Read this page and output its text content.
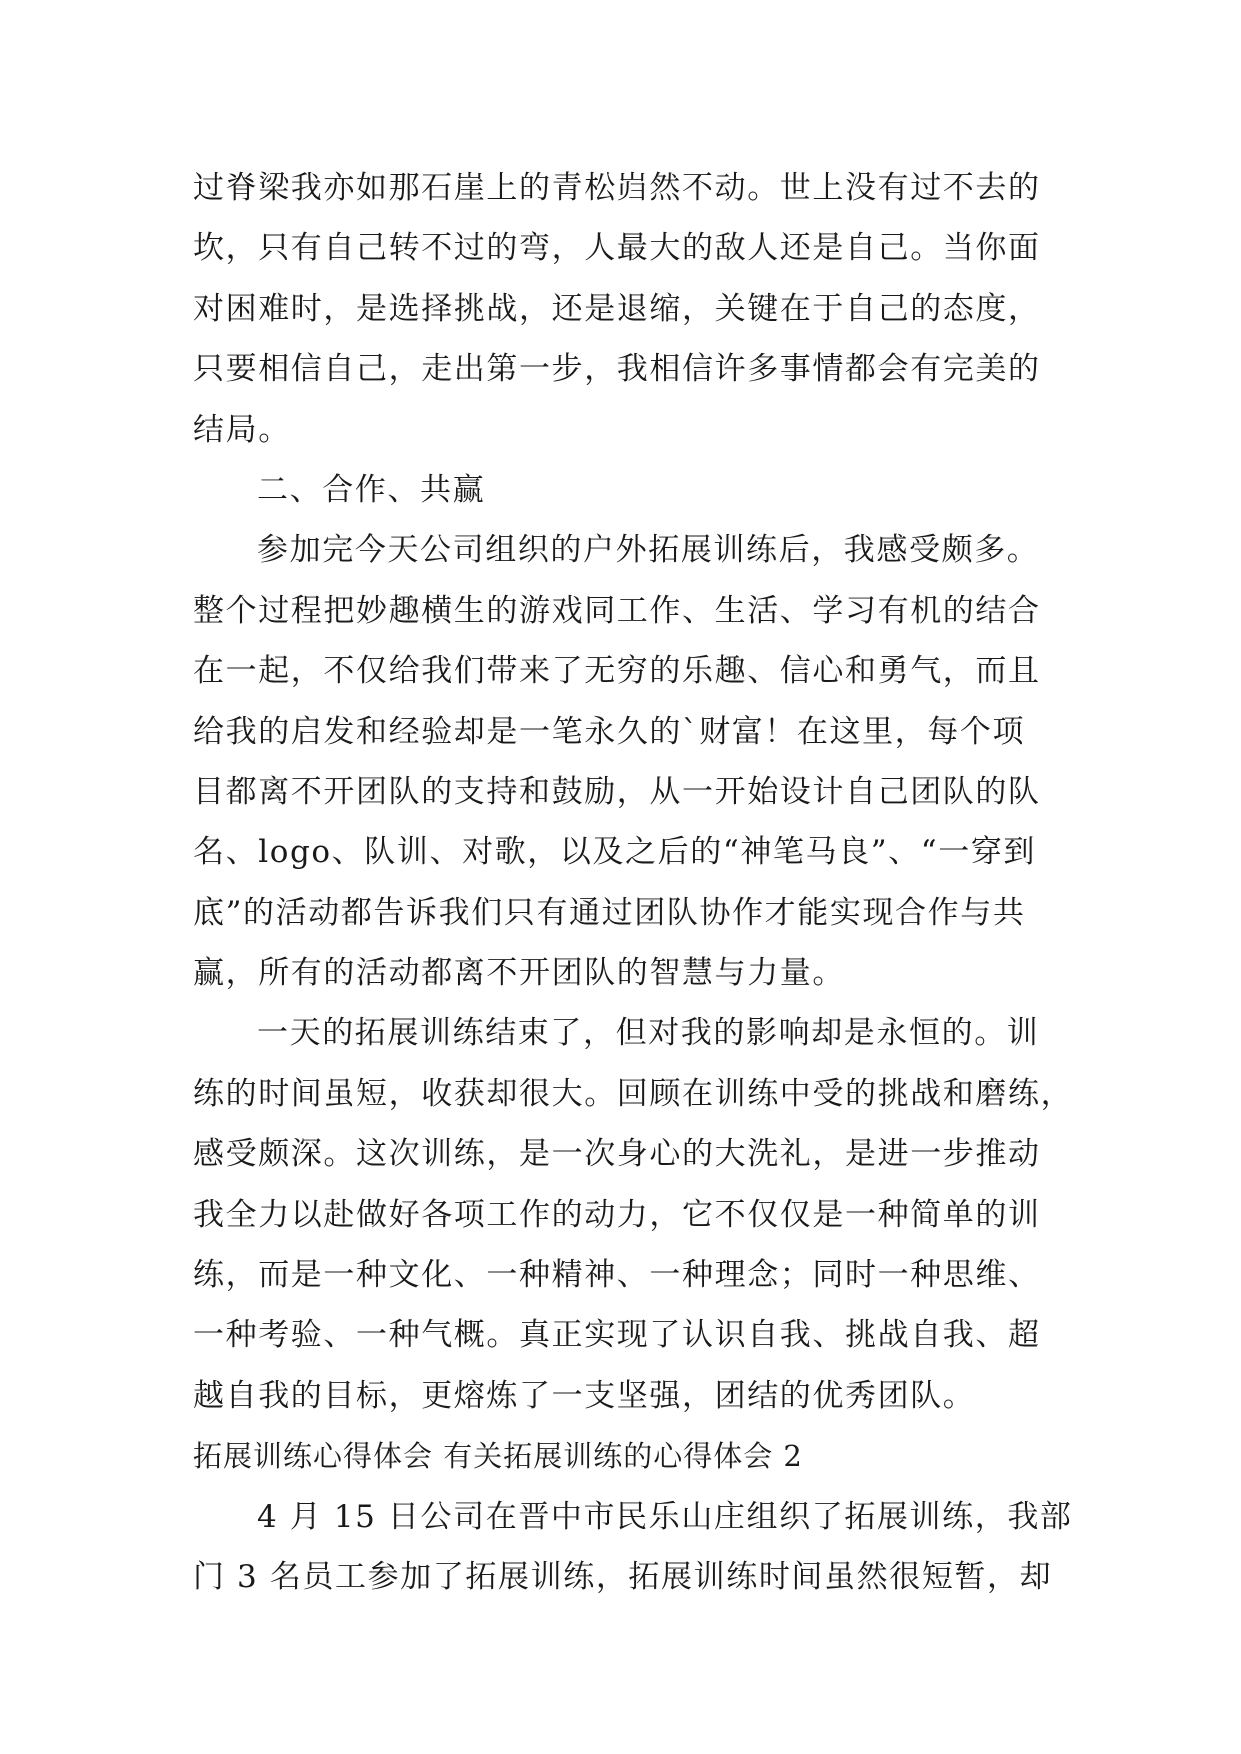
过脊梁我亦如那石崖上的青松岿然不动。世上没有过不去的
坎，只有自己转不过的弯，人最大的敌人还是自己。当你面
对困难时，是选择挑战，还是退缩，关键在于自己的态度，
只要相信自己，走出第一步，我相信许多事情都会有完美的
结局。
二、合作、共赢
参加完今天公司组织的户外拓展训练后，我感受颇多。
整个过程把妙趣横生的游戏同工作、生活、学习有机的结合
在一起，不仅给我们带来了无穷的乐趣、信心和勇气，而且
给我的启发和经验却是一笔永久的`财富！在这里，每个项
目都离不开团队的支持和鼓励，从一开始设计自己团队的队
名、logo、队训、对歌，以及之后的“神笔马良”、“一穿到
底”的活动都告诉我们只有通过团队协作才能实现合作与共
赢，所有的活动都离不开团队的智慧与力量。
一天的拓展训练结束了，但对我的影响却是永恒的。训
练的时间虽短，收获却很大。回顾在训练中受的挑战和磨练，
感受颇深。这次训练，是一次身心的大洗礼，是进一步推动
我全力以赴做好各项工作的动力，它不仅仅是一种简单的训
练，而是一种文化、一种精神、一种理念；同时一种思维、
一种考验、一种气概。真正实现了认识自我、挑战自我、超
越自我的目标，更熔炼了一支坚强，团结的优秀团队。
拓展训练心得体会 有关拓展训练的心得体会 2
4 月 15 日公司在晋中市民乐山庄组织了拓展训练，我部
门 3 名员工参加了拓展训练，拓展训练时间虽然很短暂，却
